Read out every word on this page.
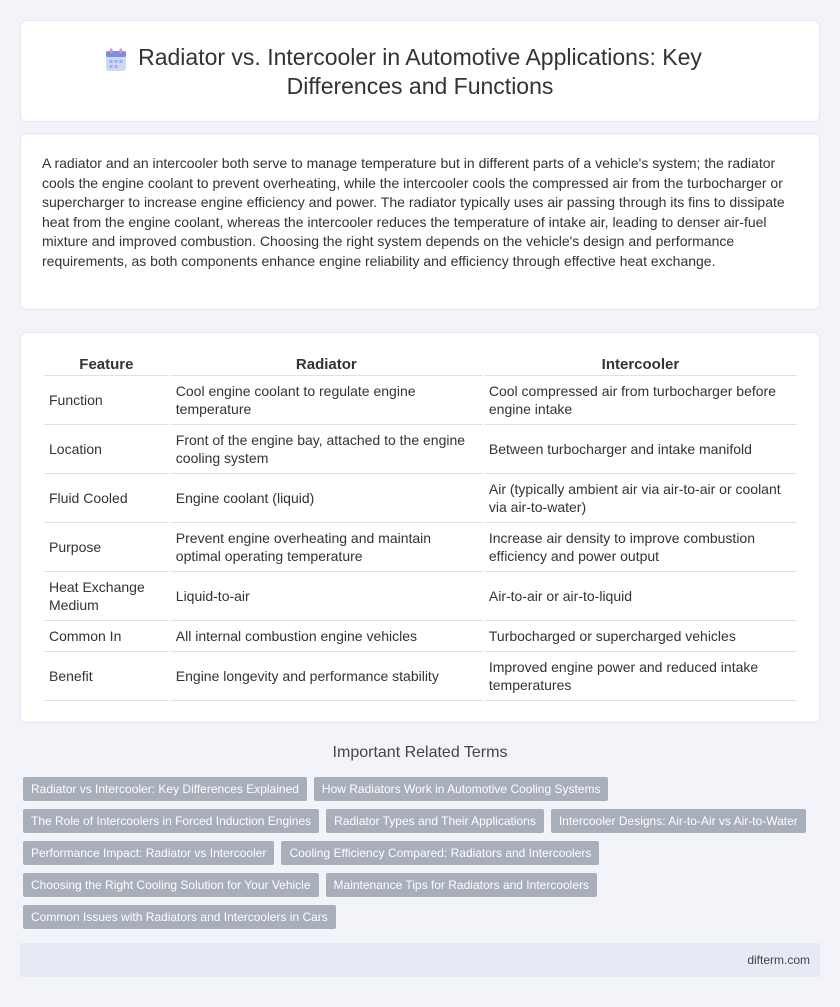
Radiator vs. Intercooler in Automotive Applications: Key Differences and Functions

A radiator and an intercooler both serve to manage temperature but in different parts of a vehicle's system; the radiator cools the engine coolant to prevent overheating, while the intercooler cools the compressed air from the turbocharger or supercharger to increase engine efficiency and power. The radiator typically uses air passing through its fins to dissipate heat from the engine coolant, whereas the intercooler reduces the temperature of intake air, leading to denser air-fuel mixture and improved combustion. Choosing the right system depends on the vehicle's design and performance requirements, as both components enhance engine reliability and efficiency through effective heat exchange.

Feature	Radiator	Intercooler
Function	Cool engine coolant to regulate engine temperature	Cool compressed air from turbocharger before engine intake
Location	Front of the engine bay, attached to the engine cooling system	Between turbocharger and intake manifold
Fluid Cooled	Engine coolant (liquid)	Air (typically ambient air via air-to-air or coolant via air-to-water)
Purpose	Prevent engine overheating and maintain optimal operating temperature	Increase air density to improve combustion efficiency and power output
Heat Exchange Medium	Liquid-to-air	Air-to-air or air-to-liquid
Common In	All internal combustion engine vehicles	Turbocharged or supercharged vehicles
Benefit	Engine longevity and performance stability	Improved engine power and reduced intake temperatures
Important Related Terms
Radiator vs Intercooler: Key Differences Explained	How Radiators Work in Automotive Cooling Systems
The Role of Intercoolers in Forced Induction Engines	Radiator Types and Their Applications	Intercooler Designs: Air-to-Air vs Air-to-Water
Performance Impact: Radiator vs Intercooler	Cooling Efficiency Compared: Radiators and Intercoolers
Choosing the Right Cooling Solution for Your Vehicle	Maintenance Tips for Radiators and Intercoolers
Common Issues with Radiators and Intercoolers in Cars
difterm.com
